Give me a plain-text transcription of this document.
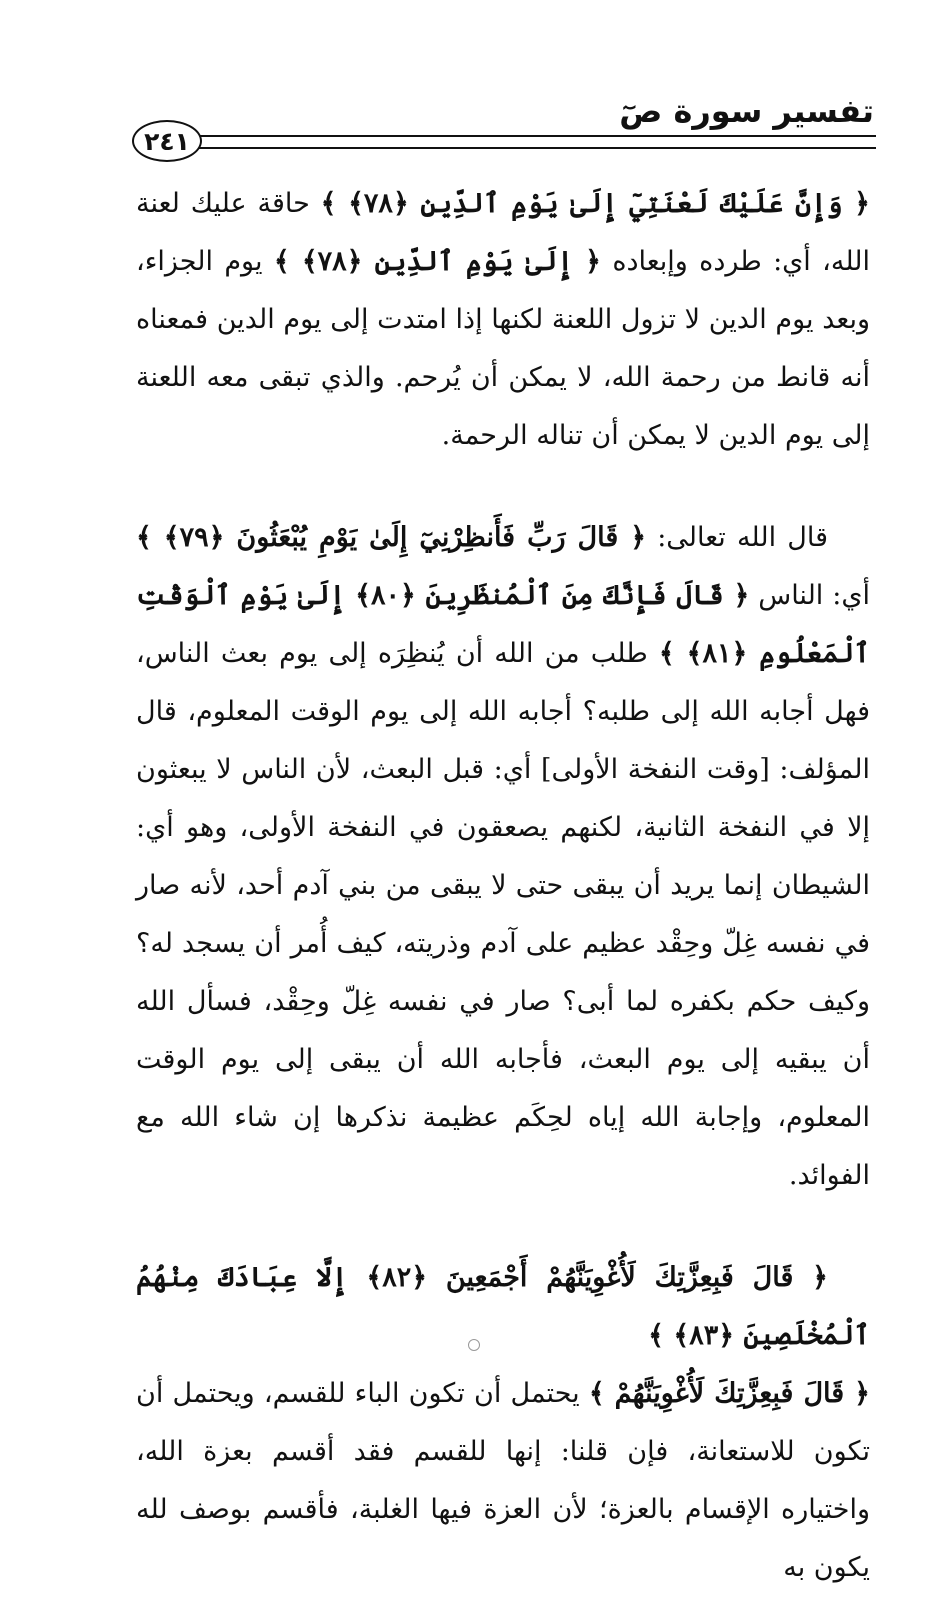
تفسير سورة صٓ
٢٤١

﴿ وَإِنَّ عَلَيْكَ لَعْنَتِيٓ إِلَىٰ يَوْمِ ٱلدِّينِ ﴿٧٨﴾ ﴾ حاقة عليك لعنة الله، أي: طرده وإبعاده ﴿ إِلَىٰ يَوْمِ ٱلدِّينِ ﴿٧٨﴾ ﴾ يوم الجزاء، وبعد يوم الدين لا تزول اللعنة لكنها إذا امتدت إلى يوم الدين فمعناه أنه قانط من رحمة الله، لا يمكن أن يُرحم. والذي تبقى معه اللعنة إلى يوم الدين لا يمكن أن تناله الرحمة.

قال الله تعالى: ﴿ قَالَ رَبِّ فَأَنظِرْنِيٓ إِلَىٰ يَوْمِ يُبْعَثُونَ ﴿٧٩﴾ ﴾ أي: الناس ﴿ قَالَ فَإِنَّكَ مِنَ ٱلْمُنظَرِينَ ﴿٨٠﴾ إِلَىٰ يَوْمِ ٱلْوَقْتِ ٱلْمَعْلُومِ ﴿٨١﴾ ﴾ طلب من الله أن يُنظِرَه إلى يوم بعث الناس، فهل أجابه الله إلى طلبه؟ أجابه الله إلى يوم الوقت المعلوم، قال المؤلف: [وقت النفخة الأولى] أي: قبل البعث، لأن الناس لا يبعثون إلا في النفخة الثانية، لكنهم يصعقون في النفخة الأولى، وهو أي: الشيطان إنما يريد أن يبقى حتى لا يبقى من بني آدم أحد، لأنه صار في نفسه غِلّ وحِقْد عظيم على آدم وذريته، كيف أُمر أن يسجد له؟ وكيف حكم بكفره لما أبى؟ صار في نفسه غِلّ وحِقْد، فسأل الله أن يبقيه إلى يوم البعث، فأجابه الله أن يبقى إلى يوم الوقت المعلوم، وإجابة الله إياه لحِكَم عظيمة نذكرها إن شاء الله مع الفوائد.

﴿ قَالَ فَبِعِزَّتِكَ لَأُغْوِيَنَّهُمْ أَجْمَعِينَ ﴿٨٢﴾ إِلَّا عِبَادَكَ مِنْهُمُ ٱلْمُخْلَصِينَ ﴿٨٣﴾ ﴾

﴿ قَالَ فَبِعِزَّتِكَ لَأُغْوِيَنَّهُمْ ﴾ يحتمل أن تكون الباء للقسم، ويحتمل أن تكون للاستعانة، فإن قلنا: إنها للقسم فقد أقسم بعزة الله، واختياره الإقسام بالعزة؛ لأن العزة فيها الغلبة، فأقسم بوصف لله يكون به
